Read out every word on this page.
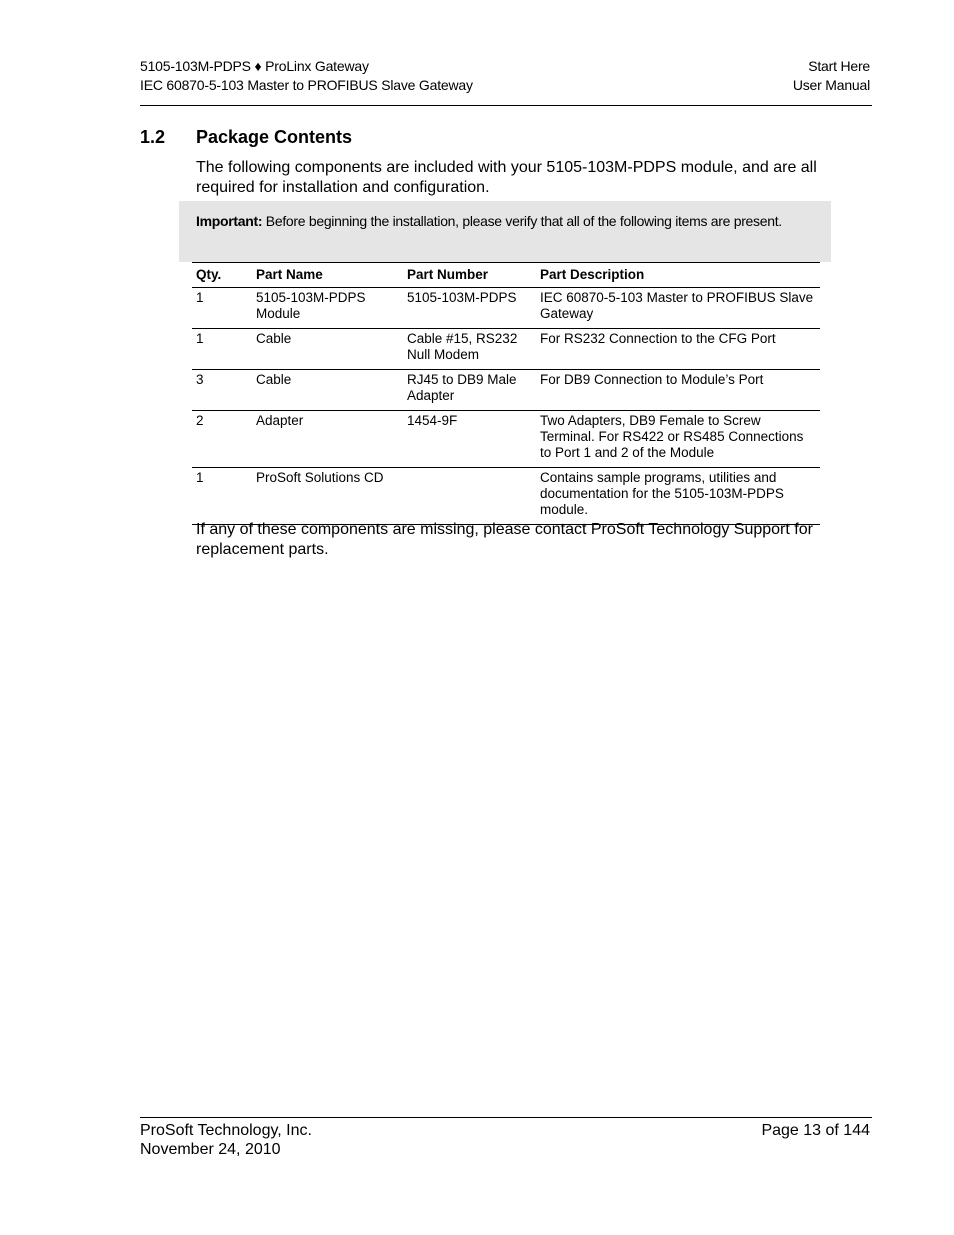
5105-103M-PDPS ♦ ProLinx Gateway
IEC 60870-5-103 Master to PROFIBUS Slave Gateway
Start Here
User Manual
1.2 Package Contents
The following components are included with your 5105-103M-PDPS module, and are all required for installation and configuration.
Important: Before beginning the installation, please verify that all of the following items are present.
Qty.	Part Name	Part Number	Part Description
1	5105-103M-PDPS Module	5105-103M-PDPS	IEC 60870-5-103 Master to PROFIBUS Slave Gateway
1	Cable	Cable #15, RS232 Null Modem	For RS232 Connection to the CFG Port
3	Cable	RJ45 to DB9 Male Adapter	For DB9 Connection to Module’s Port
2	Adapter	1454-9F	Two Adapters, DB9 Female to Screw Terminal. For RS422 or RS485 Connections to Port 1 and 2 of the Module
1	ProSoft Solutions CD		Contains sample programs, utilities and documentation for the 5105-103M-PDPS module.
If any of these components are missing, please contact ProSoft Technology Support for replacement parts.
ProSoft Technology, Inc.
November 24, 2010
Page 13 of 144
